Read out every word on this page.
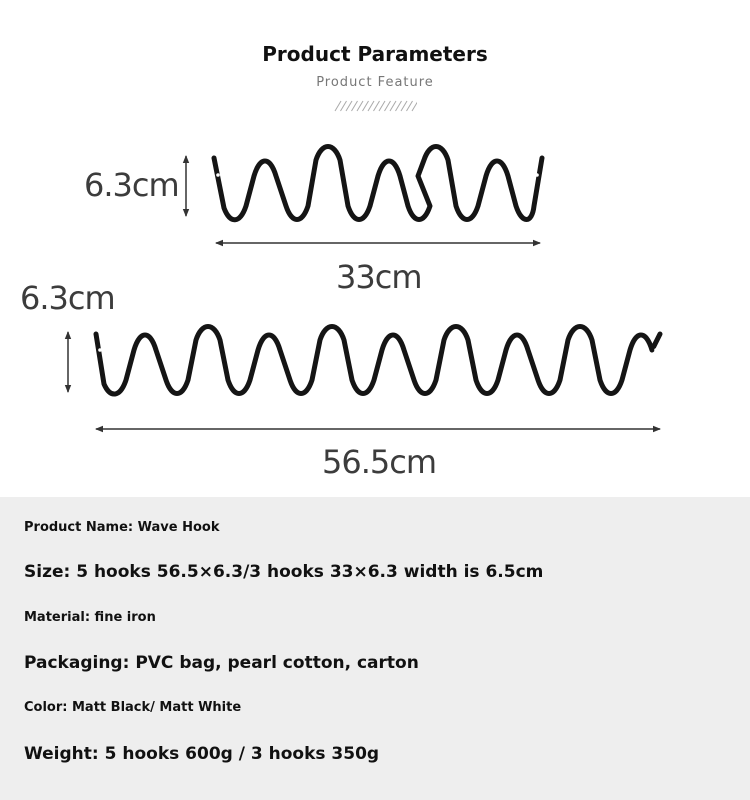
Product Parameters
Product Feature
6.3cm
33cm
6.3cm
56.5cm
Product Name: Wave Hook
Size: 5 hooks 56.5×6.3/3 hooks 33×6.3 width is 6.5cm
Material: fine iron
Packaging: PVC bag, pearl cotton, carton
Color: Matt Black/ Matt White
Weight: 5 hooks 600g / 3 hooks 350g
